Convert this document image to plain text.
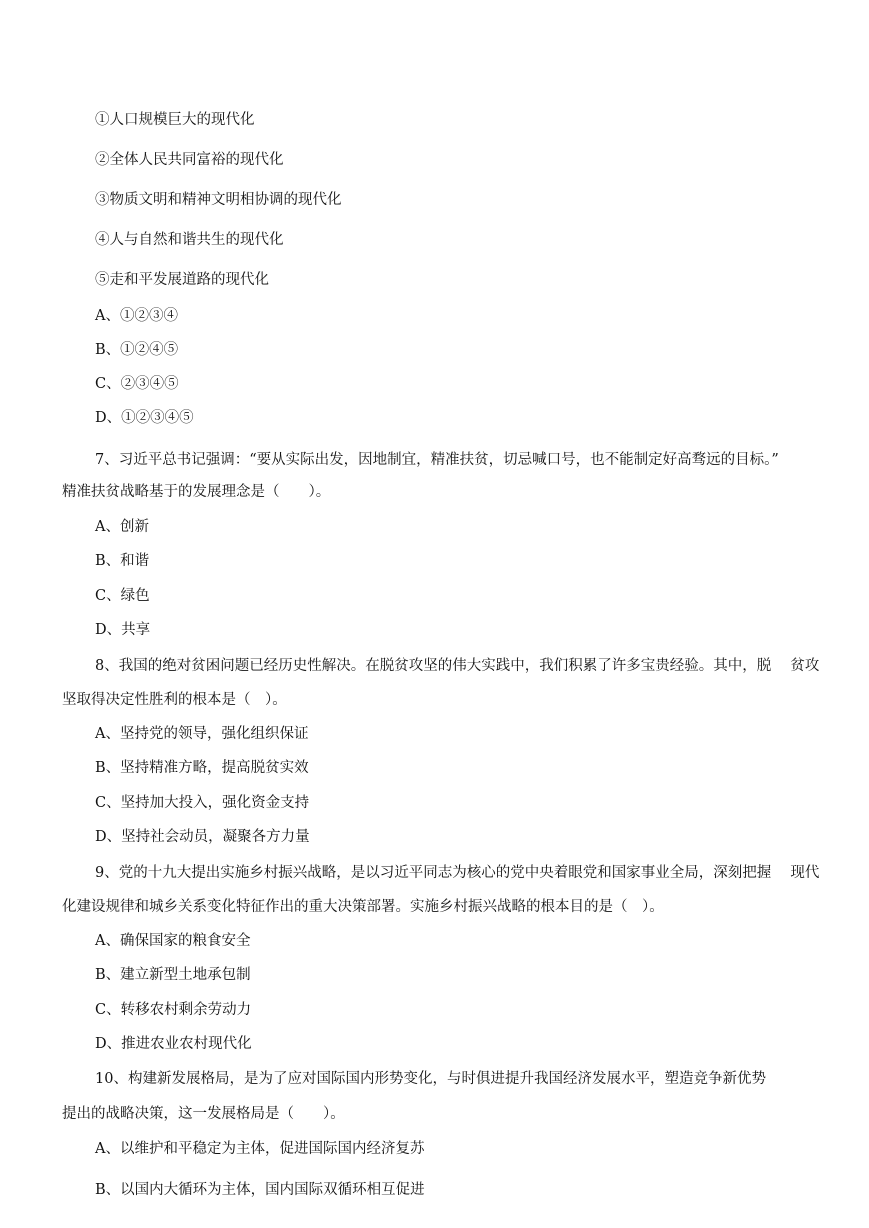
①人口规模巨大的现代化
②全体人民共同富裕的现代化
③物质文明和精神文明相协调的现代化
④人与自然和谐共生的现代化
⑤走和平发展道路的现代化
A、①②③④
B、①②④⑤
C、②③④⑤
D、①②③④⑤
7、习近平总书记强调：“要从实际出发，因地制宜，精准扶贫，切忌喊口号，也不能制定好高骛远的目标。”
精准扶贫战略基于的发展理念是（　　）。
A、创新
B、和谐
C、绿色
D、共享
8、我国的绝对贫困问题已经历史性解决。在脱贫攻坚的伟大实践中，我们积累了许多宝贵经验。其中，脱　 贫攻
坚取得决定性胜利的根本是（　）。
A、坚持党的领导，强化组织保证
B、坚持精准方略，提高脱贫实效
C、坚持加大投入，强化资金支持
D、坚持社会动员，凝聚各方力量
9、党的十九大提出实施乡村振兴战略，是以习近平同志为核心的党中央着眼党和国家事业全局，深刻把握　 现代
化建设规律和城乡关系变化特征作出的重大决策部署。实施乡村振兴战略的根本目的是（　）。
A、确保国家的粮食安全
B、建立新型土地承包制
C、转移农村剩余劳动力
D、推进农业农村现代化
10、构建新发展格局，是为了应对国际国内形势变化，与时俱进提升我国经济发展水平，塑造竞争新优势
提出的战略决策，这一发展格局是（　　）。
A、以维护和平稳定为主体，促进国际国内经济复苏
B、以国内大循环为主体，国内国际双循环相互促进
